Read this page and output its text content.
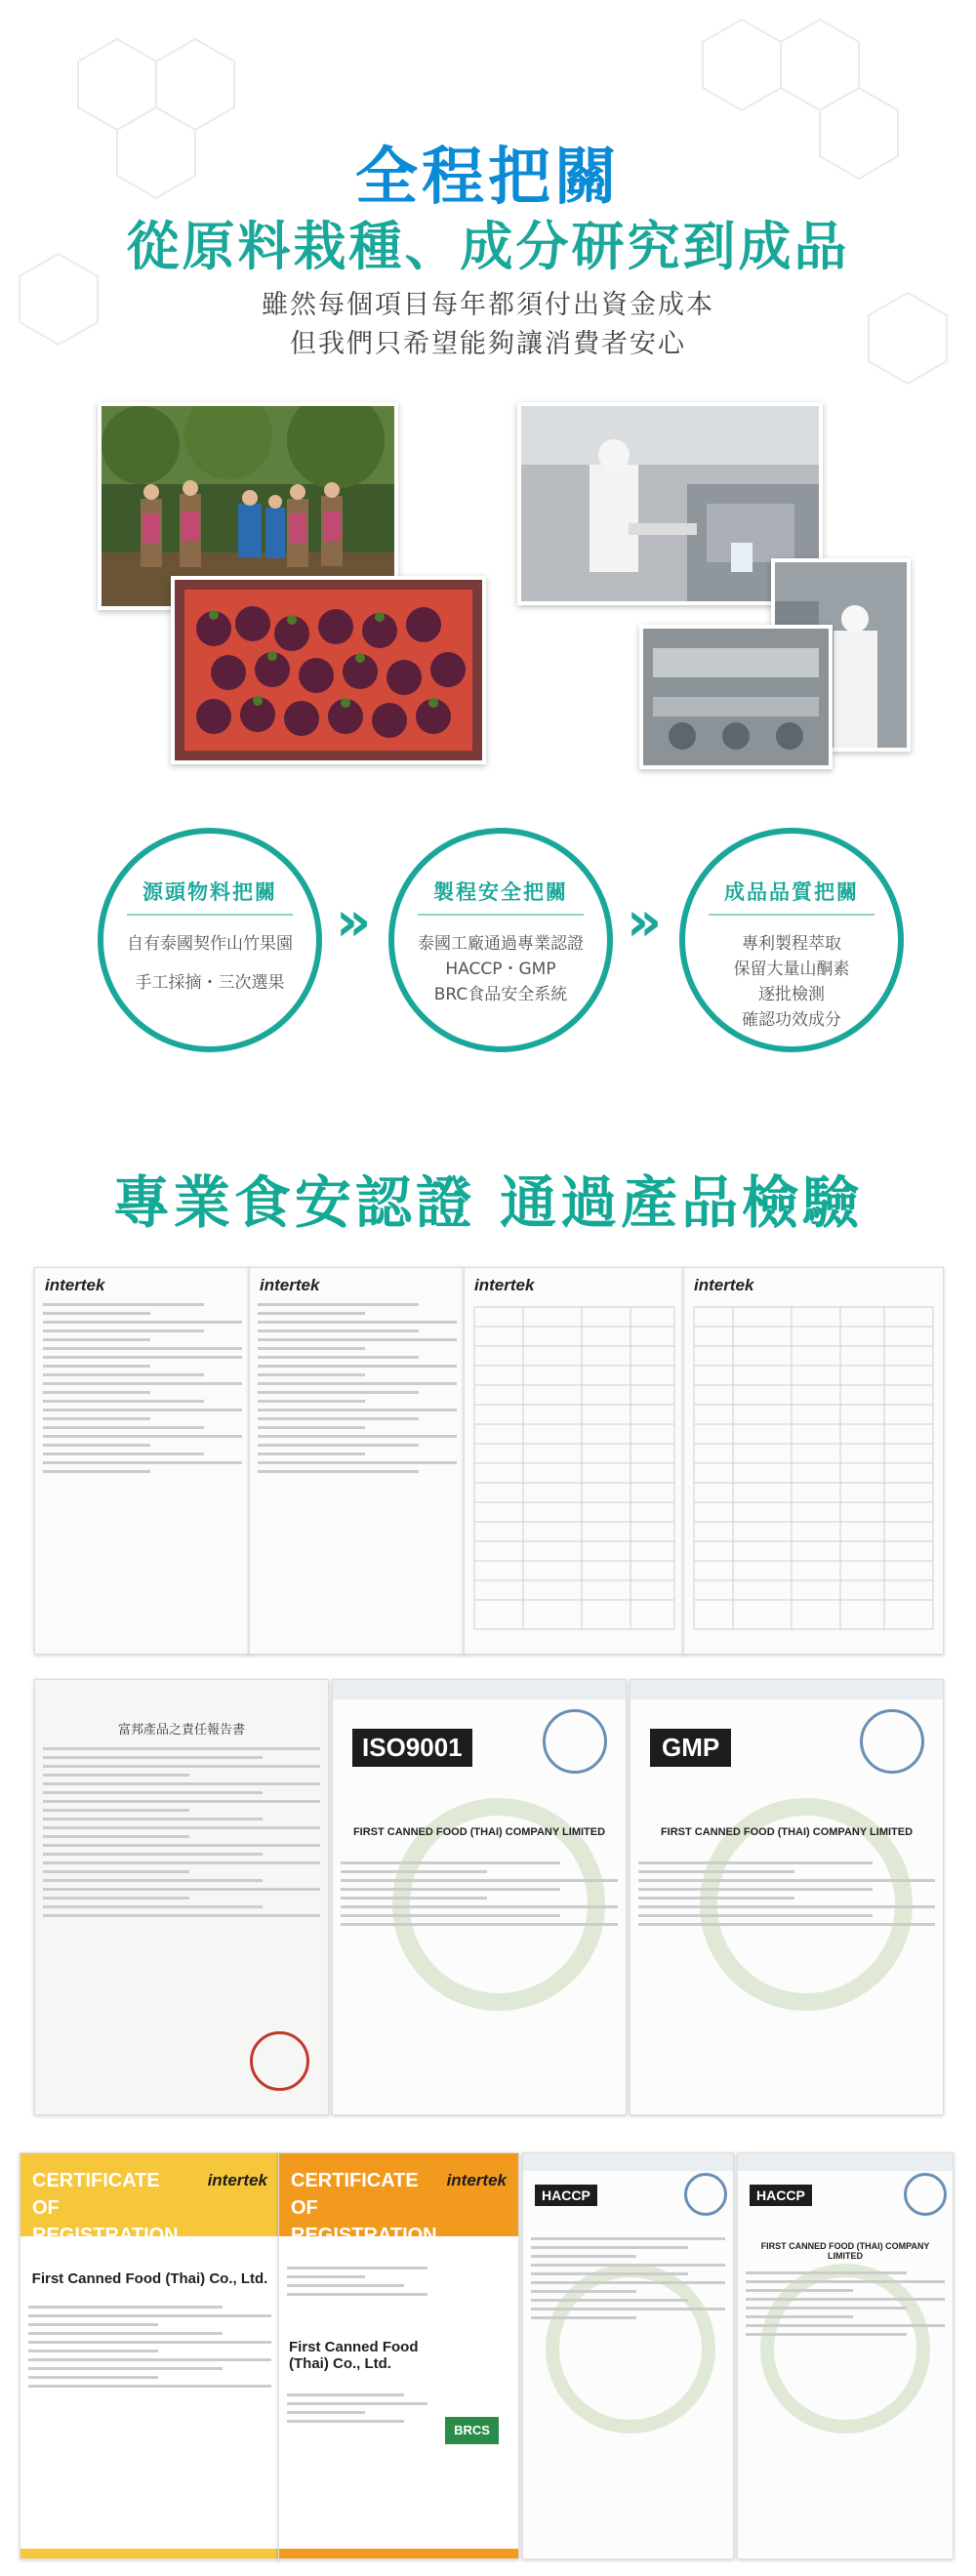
全程把關
從原料栽種、成分研究到成品
雖然每個項目每年都須付出資金成本
但我們只希望能夠讓消費者安心
源頭物料把關
自有泰國契作山竹果園
手工採摘・三次選果
»	製程安全把關
泰國工廠通過專業認證
HACCP・GMP
BRC食品安全系統
»	成品品質把關
專利製程萃取
保留大量山酮素
逐批檢測
確認功效成分
專業食安認證 通過產品檢驗
intertek	intertek	intertek	intertek
富邦產品之責任報告書
ISO9001
FIRST CANNED FOOD (THAI) COMPANY LIMITED
GMP
FIRST CANNED FOOD (THAI) COMPANY LIMITED
CERTIFICATE OF REGISTRATION
intertek
First Canned Food (Thai) Co., Ltd.
CERTIFICATE OF REGISTRATION
intertek
First Canned Food (Thai) Co., Ltd.
BRCS
HACCP	HACCP
FIRST CANNED FOOD (THAI) COMPANY LIMITED
